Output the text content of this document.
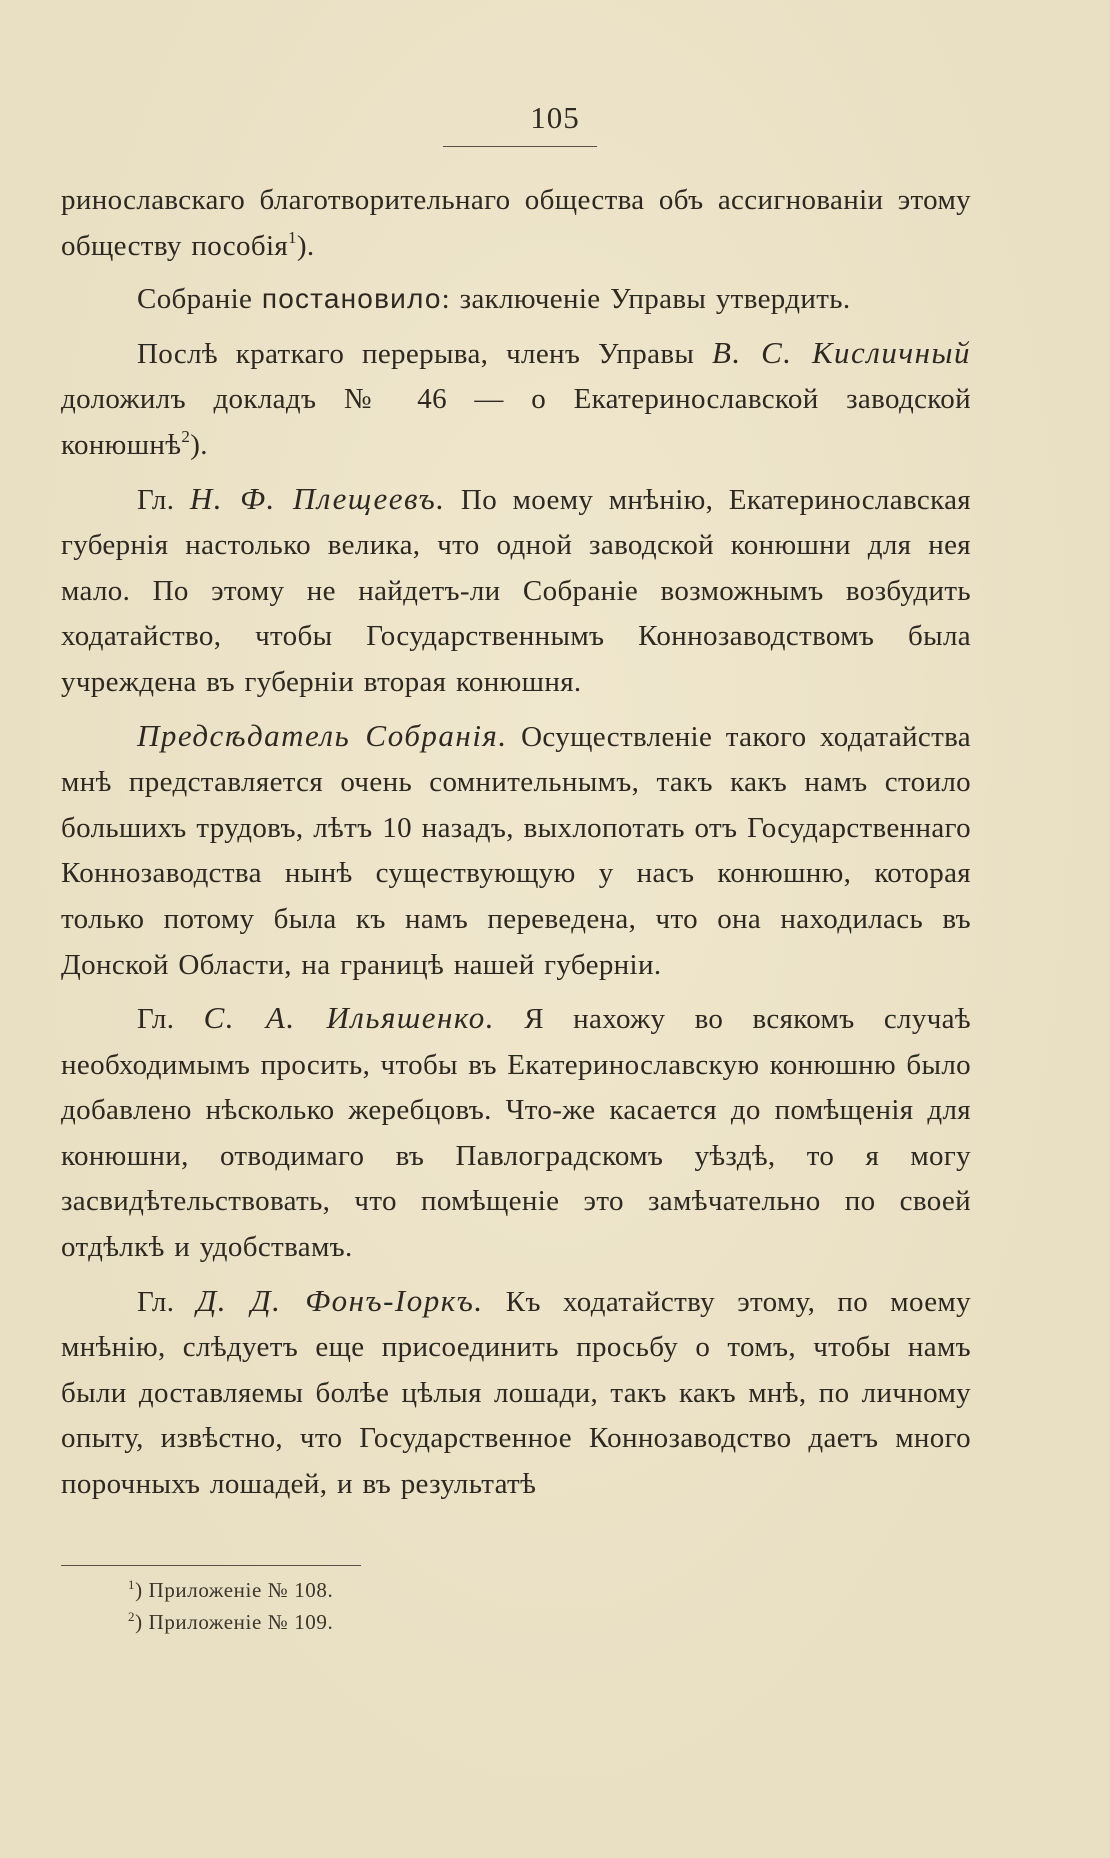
105

ринославскаго благотворительнаго общества объ ассигнованіи этому обществу пособія$^1$).

Собраніе постановило: заключеніе Управы утвердить.

Послѣ краткаго перерыва, членъ Управы В. С. Кисличный доложилъ докладъ № 46 — о Екатеринославской заводской конюшнѣ$^2$).

Гл. Н. Ф. Плещеевъ. По моему мнѣнію, Екатеринославская губернія настолько велика, что одной заводской конюшни для нея мало. По этому не найдетъ-ли Собраніе возможнымъ возбудить ходатайство, чтобы Государственнымъ Коннозаводствомъ была учреждена въ губерніи вторая конюшня.

Предсѣдатель Собранія. Осуществленіе такого ходатайства мнѣ представляется очень сомнительнымъ, такъ какъ намъ стоило большихъ трудовъ, лѣтъ 10 назадъ, выхлопотать отъ Государственнаго Коннозаводства нынѣ существующую у насъ конюшню, которая только потому была къ намъ переведена, что она находилась въ Донской Области, на границѣ нашей губерніи.

Гл. С. А. Ильяшенко. Я нахожу во всякомъ случаѣ необходимымъ просить, чтобы въ Екатеринославскую конюшню было добавлено нѣсколько жеребцовъ. Что-же касается до помѣщенія для конюшни, отводимаго въ Павлоградскомъ уѣздѣ, то я могу засвидѣтельствовать, что помѣщеніе это замѣчательно по своей отдѣлкѣ и удобствамъ.

Гл. Д. Д. Фонъ-Іоркъ. Къ ходатайству этому, по моему мнѣнію, слѣдуетъ еще присоединить просьбу о томъ, чтобы намъ были доставляемы болѣе цѣлыя лошади, такъ какъ мнѣ, по личному опыту, извѣстно, что Государственное Коннозаводство даетъ много порочныхъ лошадей, и въ результатѣ

$^1$) Приложеніе № 108.
$^2$) Приложеніе № 109.
